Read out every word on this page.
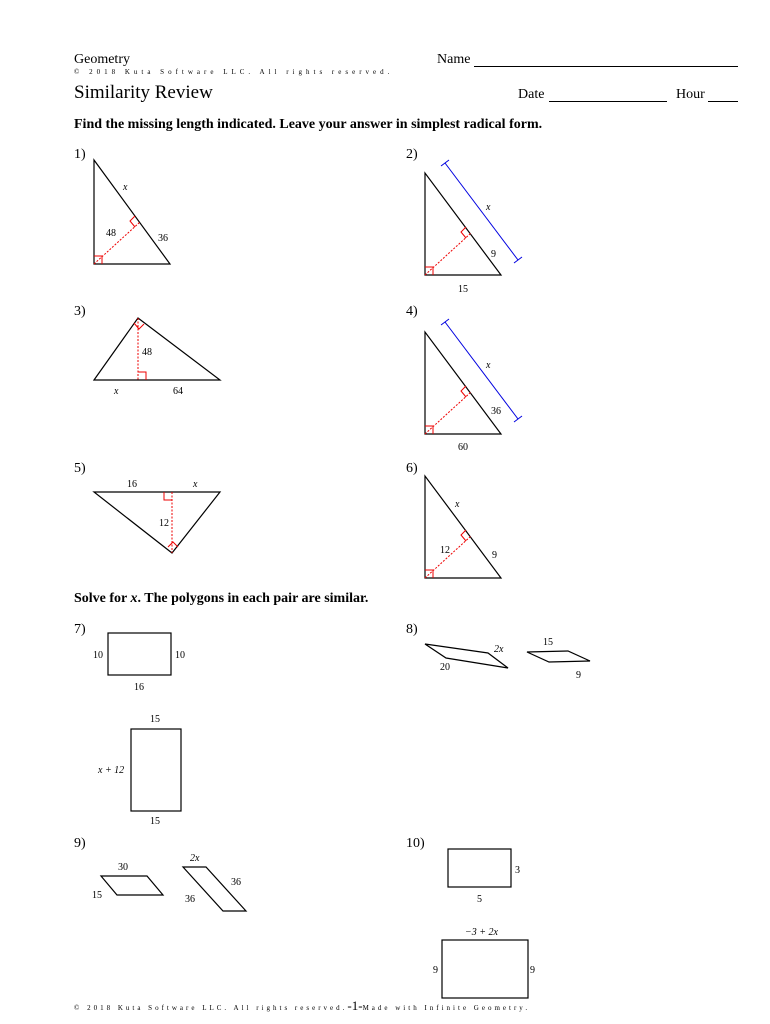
Geometry
© 2018 Kuta Software LLC. All rights reserved.
Similarity Review
Name
Date	Hour
Find the missing length indicated. Leave your answer in simplest radical form.
Solve for x. The polygons in each pair are similar.
1)	2)
3)	4)
5)	6)
7)	8)
9)	10)
x
48	36
x
9
15
48
x	64
x
36
60
16	x
12
x
12	9
10	10
16
15
x + 12
15
2x
20
15
9
30
15
2x
36
36
3
5
−3 + 2x
9	9
© 2018 Kuta Software LLC. All rights reserved.-1-Made with Infinite Geometry.
